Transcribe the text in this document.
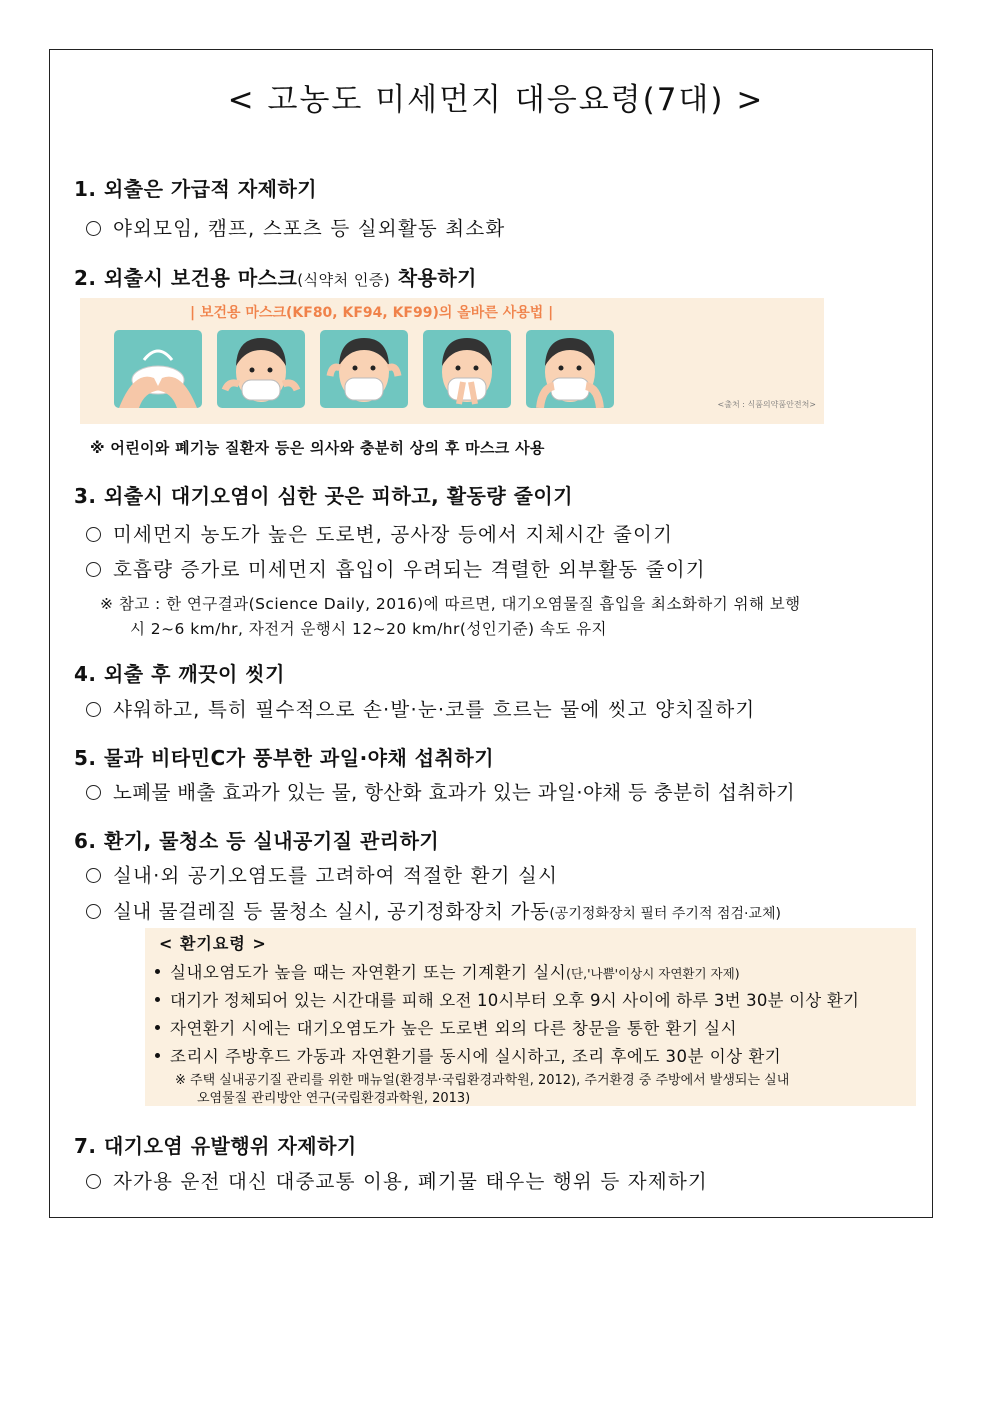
< 고농도 미세먼지 대응요령(7대) >
1. 외출은 가급적 자제하기
야외모임, 캠프, 스포츠 등 실외활동 최소화
2. 외출시 보건용 마스크(식약처 인증) 착용하기
| 보건용 마스크(KF80, KF94, KF99)의 올바른 사용법 |
<출처 : 식품의약품안전처>
※ 어린이와 폐기능 질환자 등은 의사와 충분히 상의 후 마스크 사용
3. 외출시 대기오염이 심한 곳은 피하고, 활동량 줄이기
미세먼지 농도가 높은 도로변, 공사장 등에서 지체시간 줄이기
호흡량 증가로 미세먼지 흡입이 우려되는 격렬한 외부활동 줄이기
※ 참고 : 한 연구결과(Science Daily, 2016)에 따르면, 대기오염물질 흡입을 최소화하기 위해 보행
시 2~6 km/hr, 자전거 운행시 12~20 km/hr(성인기준) 속도 유지
4. 외출 후 깨끗이 씻기
샤워하고, 특히 필수적으로 손·발·눈·코를 흐르는 물에 씻고 양치질하기
5. 물과 비타민C가 풍부한 과일·야채 섭취하기
노폐물 배출 효과가 있는 물, 항산화 효과가 있는 과일·야채 등 충분히 섭취하기
6. 환기, 물청소 등 실내공기질 관리하기
실내·외 공기오염도를 고려하여 적절한 환기 실시
실내 물걸레질 등 물청소 실시, 공기정화장치 가동(공기정화장치 필터 주기적 점검·교체)
< 환기요령 >
실내오염도가 높을 때는 자연환기 또는 기계환기 실시(단,'나쁨'이상시 자연환기 자제)
대기가 정체되어 있는 시간대를 피해 오전 10시부터 오후 9시 사이에 하루 3번 30분 이상 환기
자연환기 시에는 대기오염도가 높은 도로변 외의 다른 창문을 통한 환기 실시
조리시 주방후드 가동과 자연환기를 동시에 실시하고, 조리 후에도 30분 이상 환기
※ 주택 실내공기질 관리를 위한 매뉴얼(환경부·국립환경과학원, 2012), 주거환경 중 주방에서 발생되는 실내
오염물질 관리방안 연구(국립환경과학원, 2013)
7. 대기오염 유발행위 자제하기
자가용 운전 대신 대중교통 이용, 폐기물 태우는 행위 등 자제하기
